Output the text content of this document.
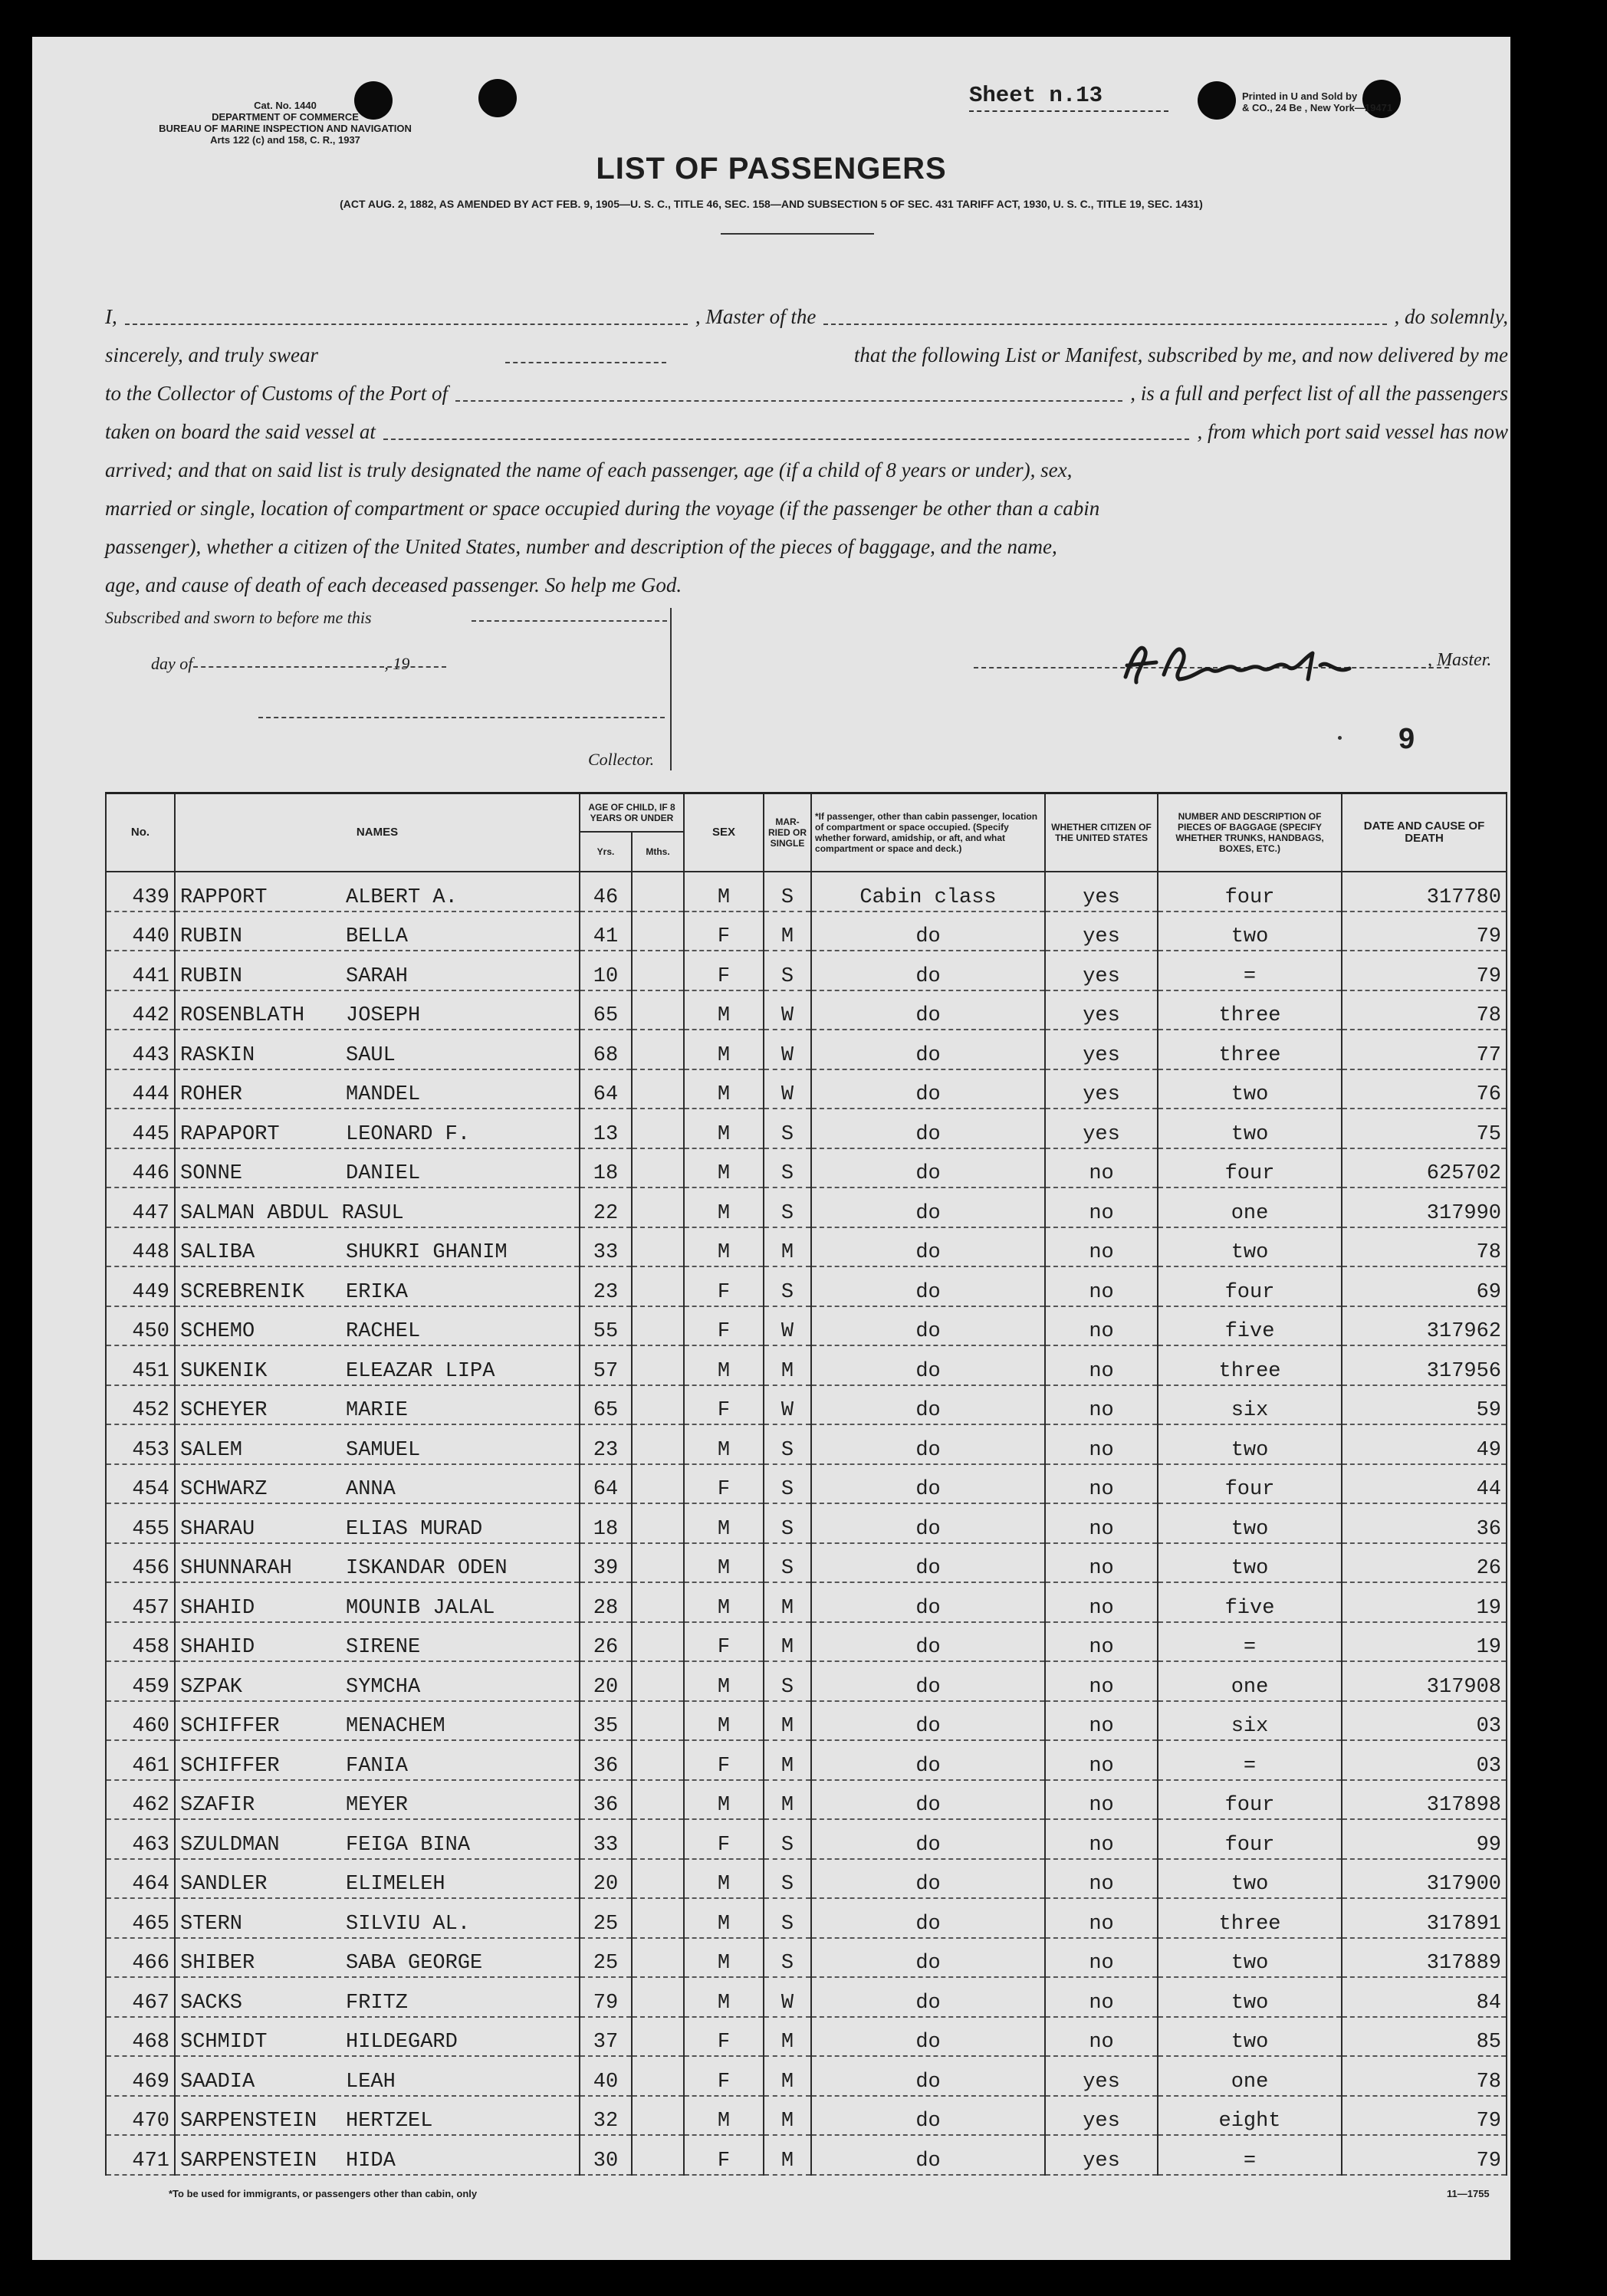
Cat. No. 1440
DEPARTMENT OF COMMERCE
BUREAU OF MARINE INSPECTION AND NAVIGATION
Arts 122 (c) and 158, C. R., 1937
Sheet n.13	Printed in U and Sold by
& CO., 24 Be , New York—19471
LIST OF PASSENGERS
(ACT AUG. 2, 1882, AS AMENDED BY ACT FEB. 9, 1905—U. S. C., TITLE 46, SEC. 158—AND SUBSECTION 5 OF SEC. 431 TARIFF ACT, 1930, U. S. C., TITLE 19, SEC. 1431)
I,	, Master of the	, do solemnly,
sincerely, and truly swear	that the following List or Manifest, subscribed by me, and now delivered by me
to the Collector of Customs of the Port of	, is a full and perfect list of all the passengers
taken on board the said vessel at	, from which port said vessel has now
arrived; and that on said list is truly designated the name of each passenger, age (if a child of 8 years or under), sex,
married or single, location of compartment or space occupied during the voyage (if the passenger be other than a cabin
passenger), whether a citizen of the United States, number and description of the pieces of baggage, and the name,
age, and cause of death of each deceased passenger. So help me God.
Subscribed and sworn to before me this
day of	, 19
Collector.
, Master.
9
No.	NAMES	AGE OF CHILD, IF 8 YEARS OR UNDER		SEX	MAR-RIED OR SINGLE	*If passenger, other than cabin passenger, location of compartment or space occupied. (Specify whether forward, amidship, or aft, and what compartment or space and deck.)	WHETHER CITIZEN OF THE UNITED STATES	NUMBER AND DESCRIPTION OF PIECES OF BAGGAGE (SPECIFY WHETHER TRUNKS, HANDBAGS, BOXES, ETC.)	DATE AND CAUSE OF DEATH
		Yrs.	Mths.						
439	RAPPORT ALBERT A.	46		M	S	Cabin class	yes	four	317780
440	RUBIN BELLA	41		F	M	do	yes	two	79
441	RUBIN SARAH	10		F	S	do	yes	=	79
442	ROSENBLATH JOSEPH	65		M	W	do	yes	three	78
443	RASKIN SAUL	68		M	W	do	yes	three	77
444	ROHER MANDEL	64		M	W	do	yes	two	76
445	RAPAPORT LEONARD F.	13		M	S	do	yes	two	75
446	SONNE DANIEL	18		M	S	do	no	four	625702
447	SALMAN ABDUL RASUL	22		M	S	do	no	one	317990
448	SALIBA SHUKRI GHANIM	33		M	M	do	no	two	78
449	SCREBRENIK ERIKA	23		F	S	do	no	four	69
450	SCHEMO RACHEL	55		F	W	do	no	five	317962
451	SUKENIK ELEAZAR LIPA	57		M	M	do	no	three	317956
452	SCHEYER MARIE	65		F	W	do	no	six	59
453	SALEM SAMUEL	23		M	S	do	no	two	49
454	SCHWARZ ANNA	64		F	S	do	no	four	44
455	SHARAU ELIAS MURAD	18		M	S	do	no	two	36
456	SHUNNARAH ISKANDAR ODEN	39		M	S	do	no	two	26
457	SHAHID MOUNIB JALAL	28		M	M	do	no	five	19
458	SHAHID SIRENE	26		F	M	do	no	=	19
459	SZPAK SYMCHA	20		M	S	do	no	one	317908
460	SCHIFFER MENACHEM	35		M	M	do	no	six	03
461	SCHIFFER FANIA	36		F	M	do	no	=	03
462	SZAFIR MEYER	36		M	M	do	no	four	317898
463	SZULDMAN FEIGA BINA	33		F	S	do	no	four	99
464	SANDLER ELIMELEH	20		M	S	do	no	two	317900
465	STERN SILVIU AL.	25		M	S	do	no	three	317891
466	SHIBER SABA GEORGE	25		M	S	do	no	two	317889
467	SACKS FRITZ	79		M	W	do	no	two	84
468	SCHMIDT HILDEGARD	37		F	M	do	no	two	85
469	SAADIA LEAH	40		F	M	do	yes	one	78
470	SARPENSTEIN HERTZEL	32		M	M	do	yes	eight	79
471	SARPENSTEIN HIDA	30		F	M	do	yes	=	79
*To be used for immigrants, or passengers other than cabin, only	11—1755
